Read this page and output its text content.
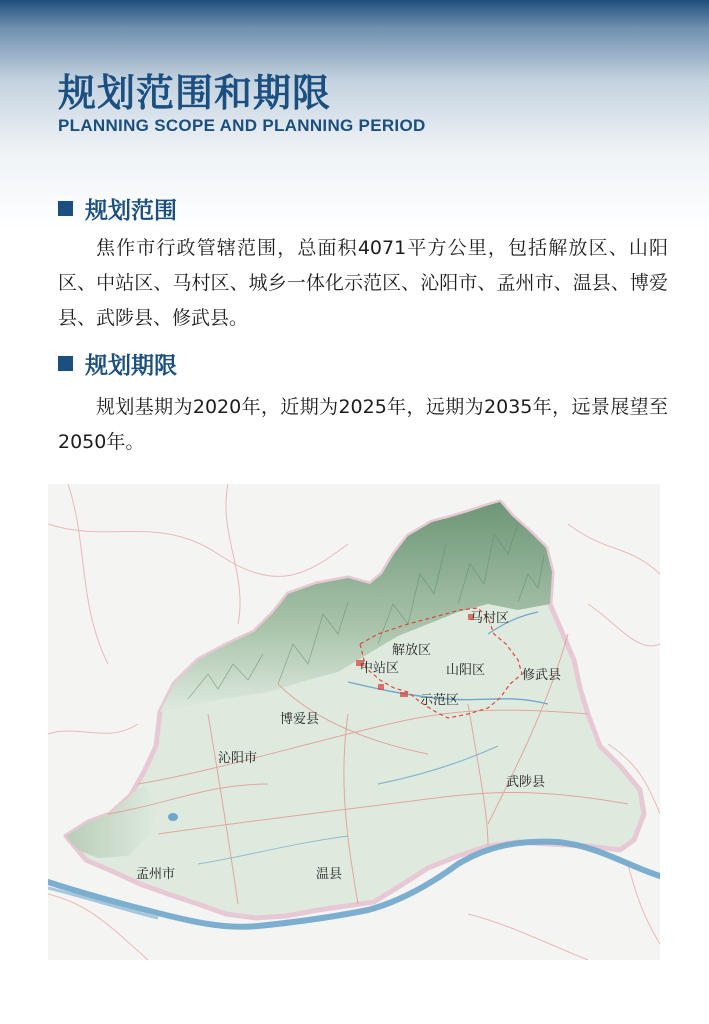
规划范围和期限
PLANNING SCOPE AND PLANNING PERIOD
规划范围
焦作市行政管辖范围，总面积4071平方公里，包括解放区、山阳区、中站区、马村区、城乡一体化示范区、沁阳市、孟州市、温县、博爱县、武陟县、修武县。
规划期限
规划基期为2020年，近期为2025年，远期为2035年，远景展望至2050年。
马村区
解放区
中站区	山阳区	修武县
示范区
博爱县
沁阳市
武陟县
孟州市	温县
